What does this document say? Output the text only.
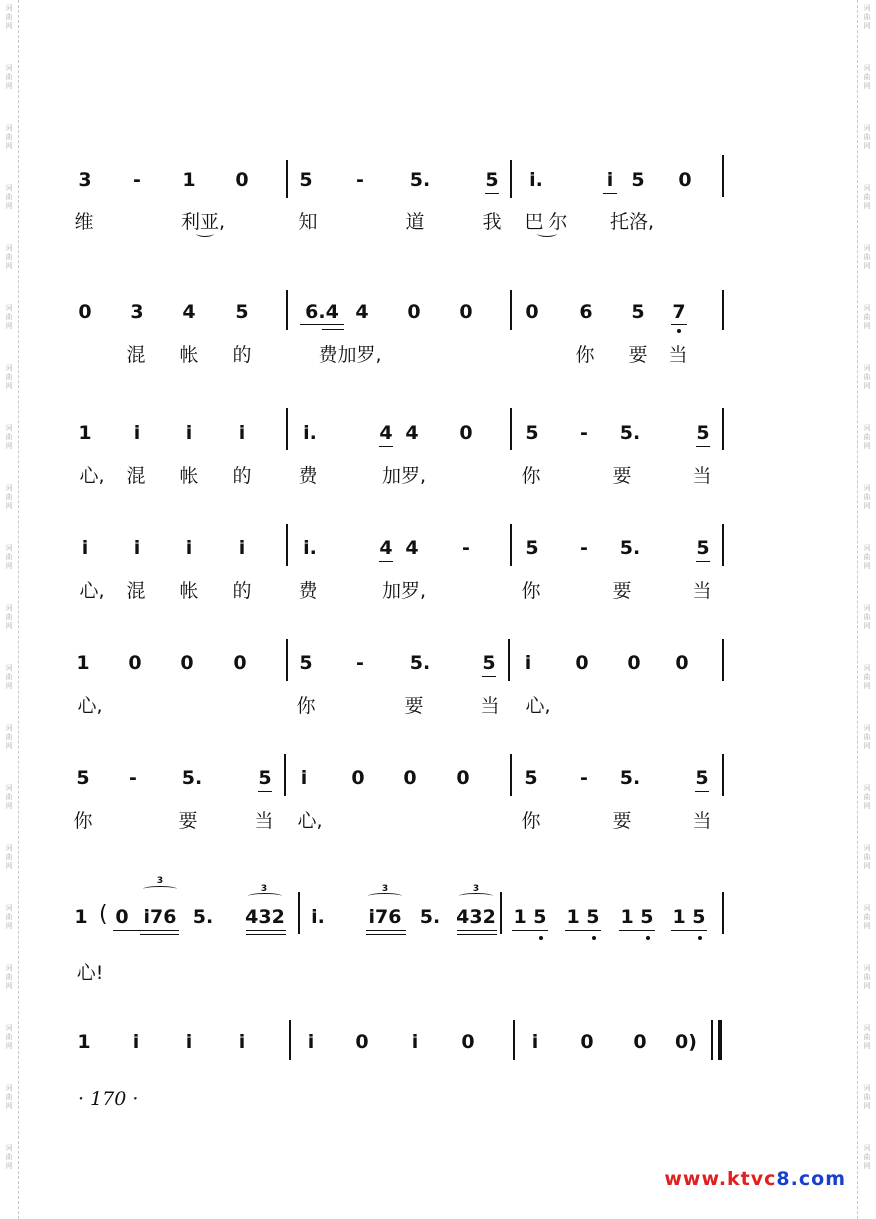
词
曲
网
词
曲
网
词
曲
网
词
曲
网
词
曲
网
词
曲
网
词
曲
网
词
曲
网
词
曲
网
词
曲
网
词
曲
网
词
曲
网
词
曲
网
词
曲
网
词
曲
网
词
曲
网
词
曲
网
词
曲
网
词
曲
网
词
曲
网
词
曲
网
词
曲
网
词
曲
网
词
曲
网
词
曲
网
词
曲
网
词
曲
网
词
曲
网
词
曲
网
词
曲
网
词
曲
网
词
曲
网
词
曲
网
词
曲
网
词
曲
网
词
曲
网
词
曲
网
词
曲
网
词
曲
网
词
曲
网
3 - 1 0	5 - 5.	5 i.	i 5 0
维	利亚,	知	道	我 巴 尔 托洛,
0 3 4 5	6.4 4 0 0	0 6 5 7
混 帐 的	费加罗,	你 要 当
1 i i i	i.	4 4 0	5 - 5.	5
心, 混 帐 的 费	加罗,	你	要	当
i i i i	i.	4 4 -	5 - 5.	5
心, 混 帐 的 费	加罗,	你	要	当
1 0 0 0	5 - 5.	5 i 0 0 0
心,	你	要	当 心,
5 - 5.	5 i 0 0 0	5 - 5.	5
你	要	当 心,	你	要	当
1 ( 0
3
i76 5.
3
432 i.
3
i76 5.
3
432 1 5 1 5 1 5 1 5
心!
1 i i i	i 0 i 0	i 0 0 0)
· 170 ·
www.ktvc8.com
